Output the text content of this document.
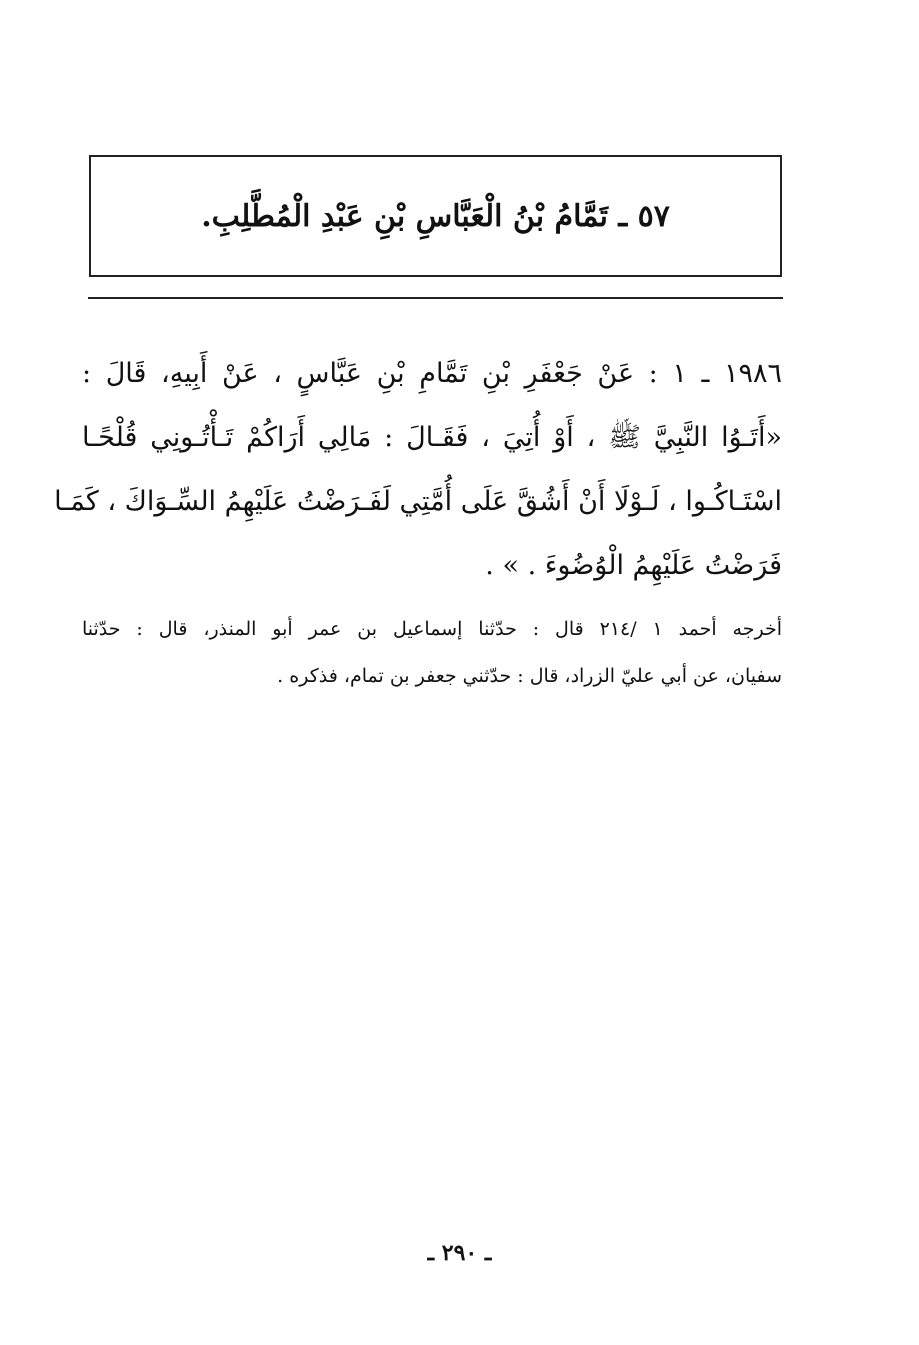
٥٧ ـ تَمَّامُ بْنُ الْعَبَّاسِ بْنِ عَبْدِ الْمُطَّلِبِ.
١٩٨٦ ـ ١ : عَنْ جَعْفَرِ بْنِ تَمَّامِ بْنِ عَبَّاسٍ ، عَنْ أَبِيهِ، قَالَ :
«أَتَـوُا النَّبِيَّ ﷺ ، أَوْ أُتِيَ ، فَقَـالَ : مَالِي أَرَاكُمْ تَـأْتُـونِي قُلْحًـا
اسْتَـاكُـوا ، لَـوْلَا أَنْ أَشُقَّ عَلَى أُمَّتِي لَفَـرَضْتُ عَلَيْهِمُ السِّـوَاكَ ، كَمَـا
فَرَضْتُ عَلَيْهِمُ الْوُضُوءَ . » .
أخرجه أحمد ١ /٢١٤ قال : حدّثنا إسماعيل بن عمر أبو المنذر، قال : حدّثنا
سفيان، عن أبي عليّ الزراد، قال : حدّثني جعفر بن تمام، فذكره .
ـ ٢٩٠ ـ
